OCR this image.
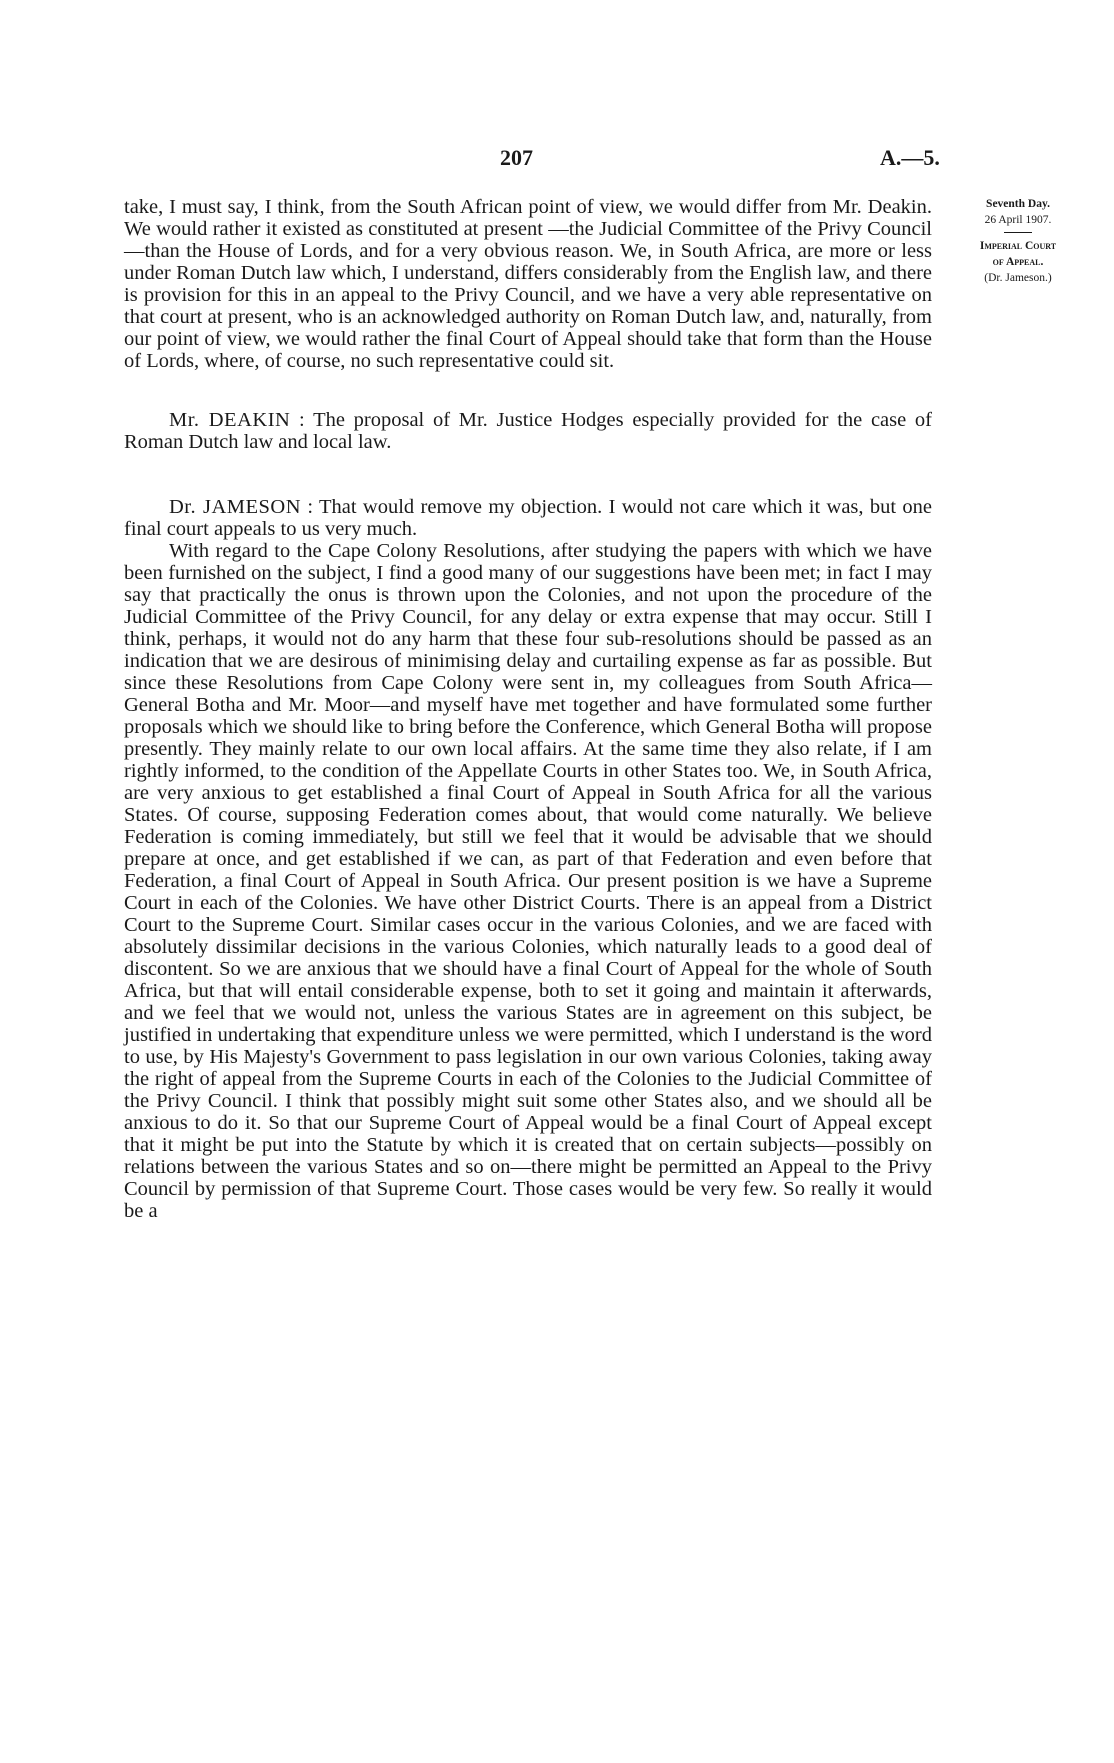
207	A.—5.
Seventh Day.
26 April 1907.
Imperial Court
of Appeal.
(Dr. Jameson.)

take, I must say, I think, from the South African point of view, we would differ from Mr. Deakin. We would rather it existed as constituted at present —the Judicial Committee of the Privy Council—than the House of Lords, and for a very obvious reason. We, in South Africa, are more or less under Roman Dutch law which, I understand, differs considerably from the English law, and there is provision for this in an appeal to the Privy Council, and we have a very able representative on that court at present, who is an acknowledged authority on Roman Dutch law, and, naturally, from our point of view, we would rather the final Court of Appeal should take that form than the House of Lords, where, of course, no such representative could sit.

Mr. DEAKIN : The proposal of Mr. Justice Hodges especially provided for the case of Roman Dutch law and local law.

Dr. JAMESON : That would remove my objection. I would not care which it was, but one final court appeals to us very much.

With regard to the Cape Colony Resolutions, after studying the papers with which we have been furnished on the subject, I find a good many of our suggestions have been met; in fact I may say that practically the onus is thrown upon the Colonies, and not upon the procedure of the Judicial Committee of the Privy Council, for any delay or extra expense that may occur. Still I think, perhaps, it would not do any harm that these four sub-resolutions should be passed as an indication that we are desirous of minimising delay and curtailing expense as far as possible. But since these Resolutions from Cape Colony were sent in, my colleagues from South Africa—General Botha and Mr. Moor—and myself have met together and have formulated some further proposals which we should like to bring before the Conference, which General Botha will propose presently. They mainly relate to our own local affairs. At the same time they also relate, if I am rightly informed, to the condition of the Appellate Courts in other States too. We, in South Africa, are very anxious to get established a final Court of Appeal in South Africa for all the various States. Of course, supposing Federation comes about, that would come naturally. We believe Federation is coming immediately, but still we feel that it would be advisable that we should prepare at once, and get established if we can, as part of that Federation and even before that Federation, a final Court of Appeal in South Africa. Our present position is we have a Supreme Court in each of the Colonies. We have other District Courts. There is an appeal from a District Court to the Supreme Court. Similar cases occur in the various Colonies, and we are faced with absolutely dissimilar decisions in the various Colonies, which naturally leads to a good deal of discontent. So we are anxious that we should have a final Court of Appeal for the whole of South Africa, but that will entail considerable expense, both to set it going and maintain it afterwards, and we feel that we would not, unless the various States are in agreement on this subject, be justified in undertaking that expenditure unless we were permitted, which I understand is the word to use, by His Majesty's Government to pass legislation in our own various Colonies, taking away the right of appeal from the Supreme Courts in each of the Colonies to the Judicial Committee of the Privy Council. I think that possibly might suit some other States also, and we should all be anxious to do it. So that our Supreme Court of Appeal would be a final Court of Appeal except that it might be put into the Statute by which it is created that on certain subjects—possibly on relations between the various States and so on—there might be permitted an Appeal to the Privy Council by permission of that Supreme Court. Those cases would be very few. So really it would be a
